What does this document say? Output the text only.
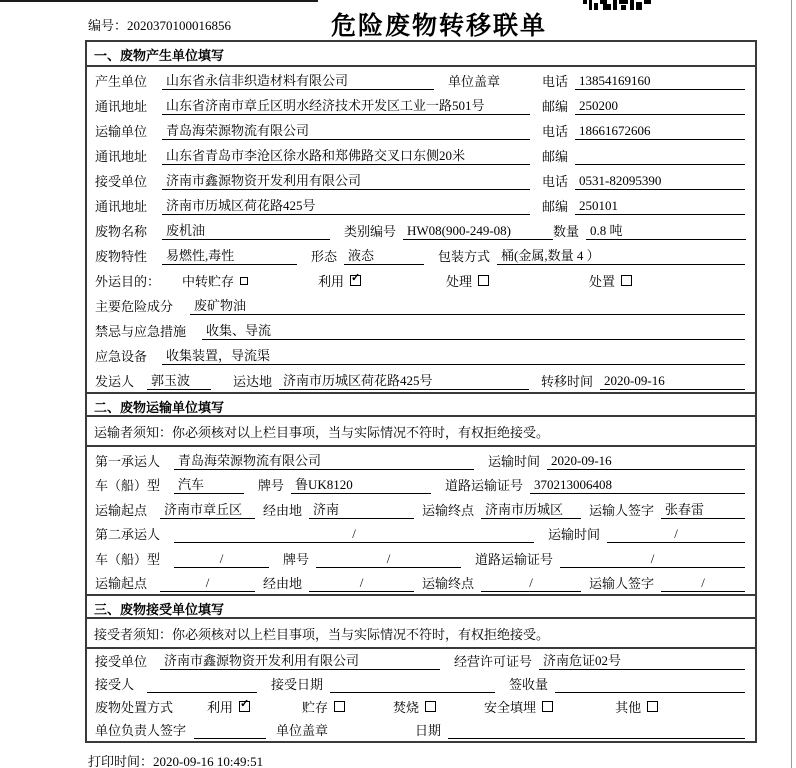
编号：2020370100016856	危险废物转移联单
一、废物产生单位填写
产生单位	山东省永信非织造材料有限公司	单位盖章	电话 13854169160
通讯地址	山东省济南市章丘区明水经济技术开发区工业一路501号	邮编 250200
运输单位	青岛海荣源物流有限公司	电话 18661672606
通讯地址	山东省青岛市李沧区徐水路和郑佛路交叉口东侧20米	邮编
接受单位	济南市鑫源物资开发利用有限公司	电话 0531-82095390
通讯地址	济南市历城区荷花路425号	邮编 250101
废物名称	废机油	类别编号 HW08(900-249-08)	数量 0.8 吨
废物特性	易燃性,毒性	形态 液态	包装方式 桶(金属,数量 4 ）
外运目的：	中转贮存	利用 ✓	处理	处置
主要危险成分	废矿物油
禁忌与应急措施	收集、导流
应急设备	收集装置，导流渠
发运人	郭玉波	运达地 济南市历城区荷花路425号	转移时间 2020-09-16
二、废物运输单位填写
运输者须知：你必须核对以上栏目事项，当与实际情况不符时，有权拒绝接受。
第一承运人	青岛海荣源物流有限公司	运输时间 2020-09-16
车（船）型	汽车	牌号 鲁UK8120	道路运输证号 370213006408
运输起点	济南市章丘区	经由地 济南	运输终点 济南市历城区	运输人签字 张春雷
第二承运人	/	运输时间	/
车（船）型	/	牌号	/	道路运输证号	/
运输起点	/	经由地	/	运输终点	/	运输人签字	/
三、废物接受单位填写
接受者须知：你必须核对以上栏目事项，当与实际情况不符时，有权拒绝接受。
接受单位	济南市鑫源物资开发利用有限公司	经营许可证号 济南危证02号
接受人	接受日期	签收量
废物处置方式	利用 ✓	贮存	焚烧	安全填埋	其他
单位负责人签字	单位盖章	日期
打印时间：2020-09-16 10:49:51
